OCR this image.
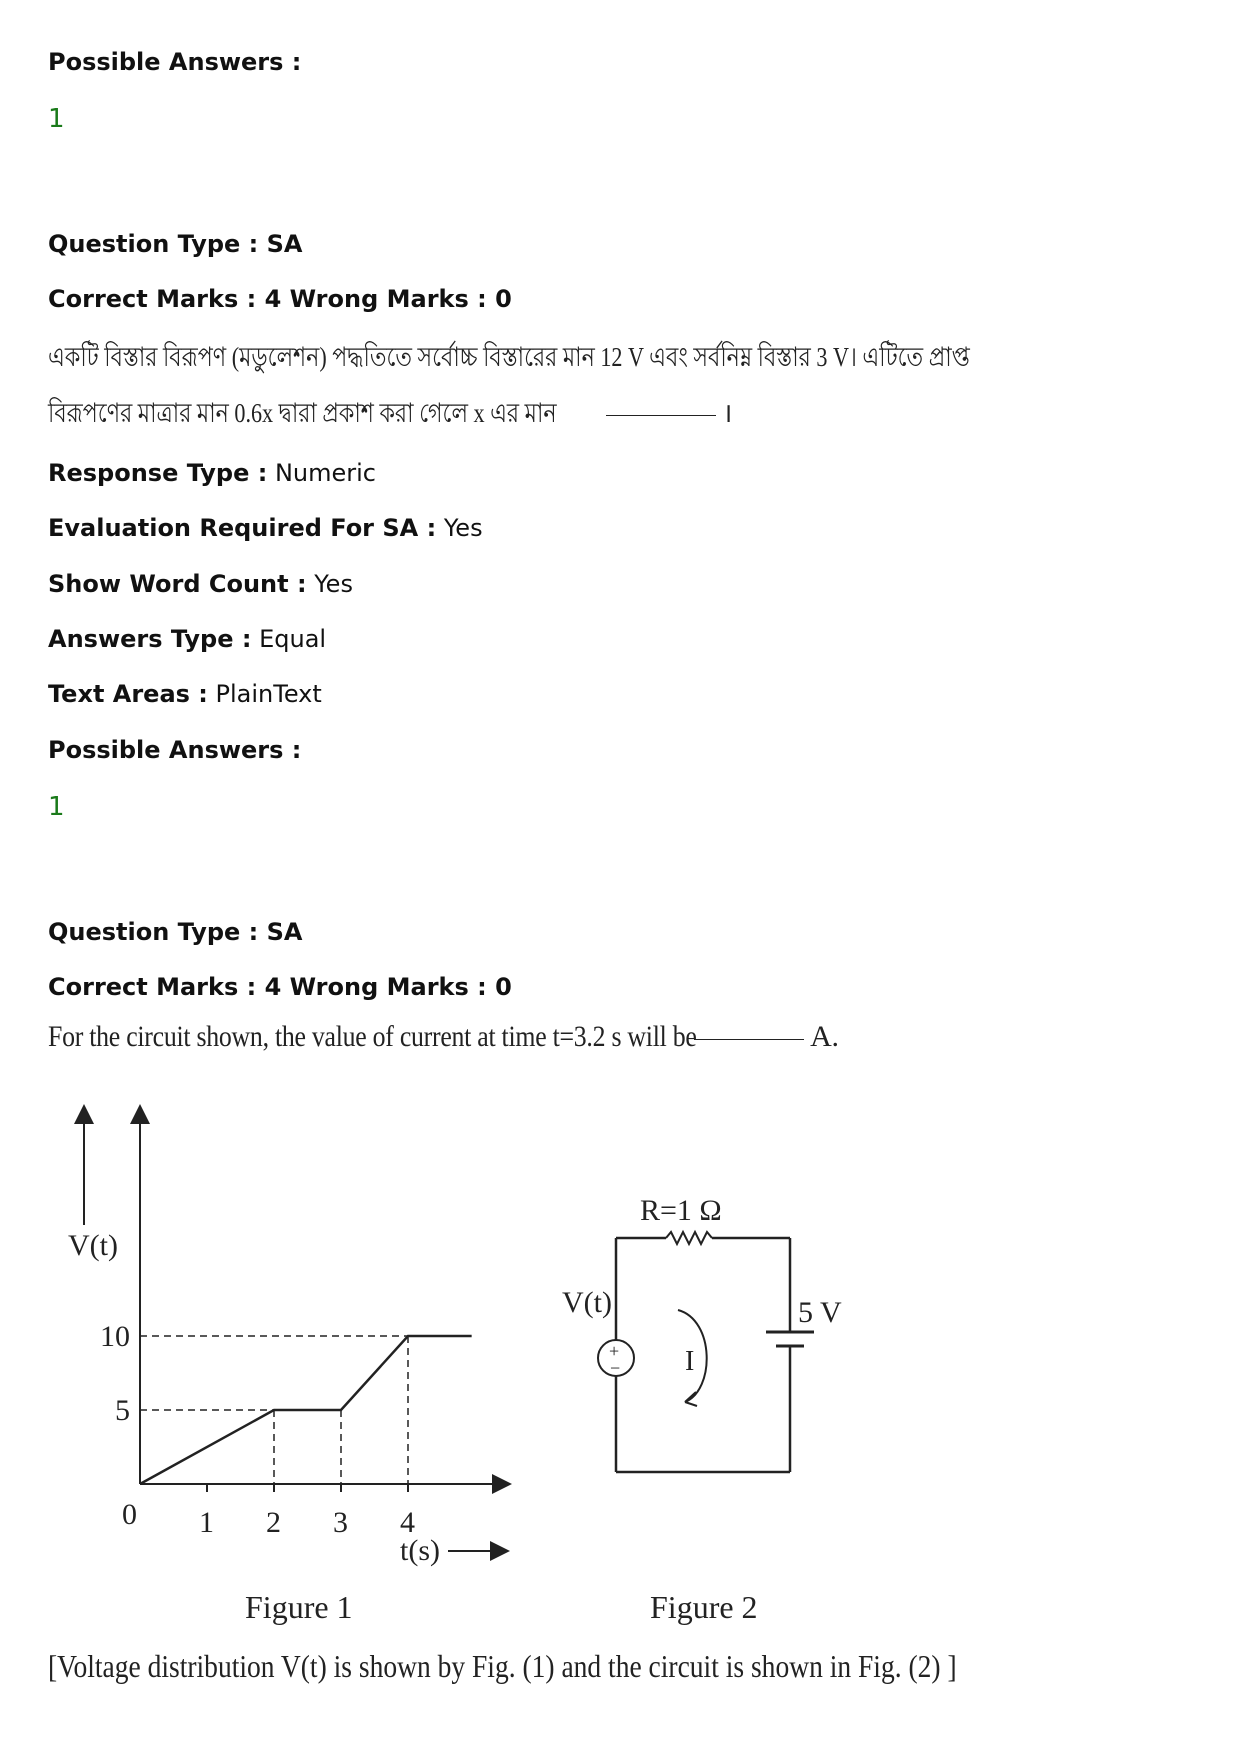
Possible Answers :
1
Question Type : SA
Correct Marks : 4 Wrong Marks : 0
একটি বিস্তার বিরূপণ (মডুলেশন) পদ্ধতিতে সর্বোচ্চ বিস্তারের মান 12 V এবং সর্বনিম্ন বিস্তার 3 V। এটিতে প্রাপ্ত
বিরূপণের মাত্রার মান 0.6x দ্বারা প্রকাশ করা গেলে x এর মান	।
Response Type : Numeric
Evaluation Required For SA : Yes
Show Word Count : Yes
Answers Type : Equal
Text Areas : PlainText
Possible Answers :
1
Question Type : SA
Correct Marks : 4 Wrong Marks : 0
For the circuit shown, the value of current at time t=3.2 s will be	A.
V(t)
0 1 2 3 4
5
10
t(s)
Figure 1
+
− I
R=1 Ω
V(t)	5 V
Figure 2
[Voltage distribution V(t) is shown by Fig. (1) and the circuit is shown in Fig. (2) ]
